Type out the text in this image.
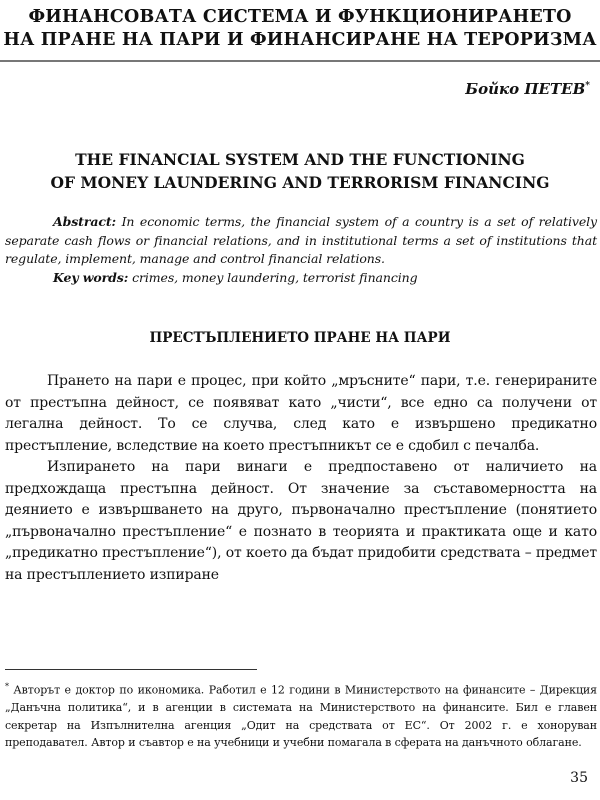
ФИНАНСОВАТА СИСТЕМА И ФУНКЦИОНИРАНЕТО
НА ПРАНЕ НА ПАРИ И ФИНАНСИРАНЕ НА ТЕРОРИЗМА
Бойко ПЕТЕВ*
THE FINANCIAL SYSTEM AND THE FUNCTIONING
OF MONEY LAUNDERING AND TERRORISM FINANCING

Abstract: In economic terms, the financial system of a country is a set of relatively separate cash flows or financial relations, and in institutional terms a set of institutions that regulate, implement, manage and control financial relations.

Key words: crimes, money laundering, terrorist financing

ПРЕСТЪПЛЕНИЕТО ПРАНЕ НА ПАРИ

Прането на пари е процес, при който „мръсните“ пари, т.е. генерираните от престъпна дейност, се появяват като „чисти“, все едно са получени от легална дейност. То се случва, след като е извършено предикатно престъпление, вследствие на което престъпникът се е сдобил с печалба.

Изпирането на пари винаги е предпоставено от наличието на предхождаща престъпна дейност. От значение за съставомерността на деянието е извършването на друго, първоначално престъпление (понятието „първоначално престъпление“ е познато в теорията и практиката още и като „предикатно престъпление“), от което да бъдат придобити средствата – предмет на престъплението изпиране

* Авторът е доктор по икономика. Работил е 12 години в Министерството на финансите – Дирекция „Данъчна политика“, и в агенции в системата на Министерството на финансите. Бил е главен секретар на Изпълнителна агенция „Одит на средствата от ЕС“. От 2002 г. е хоноруван преподавател. Автор и съавтор е на учебници и учебни помагала в сферата на данъчното облагане.
35
